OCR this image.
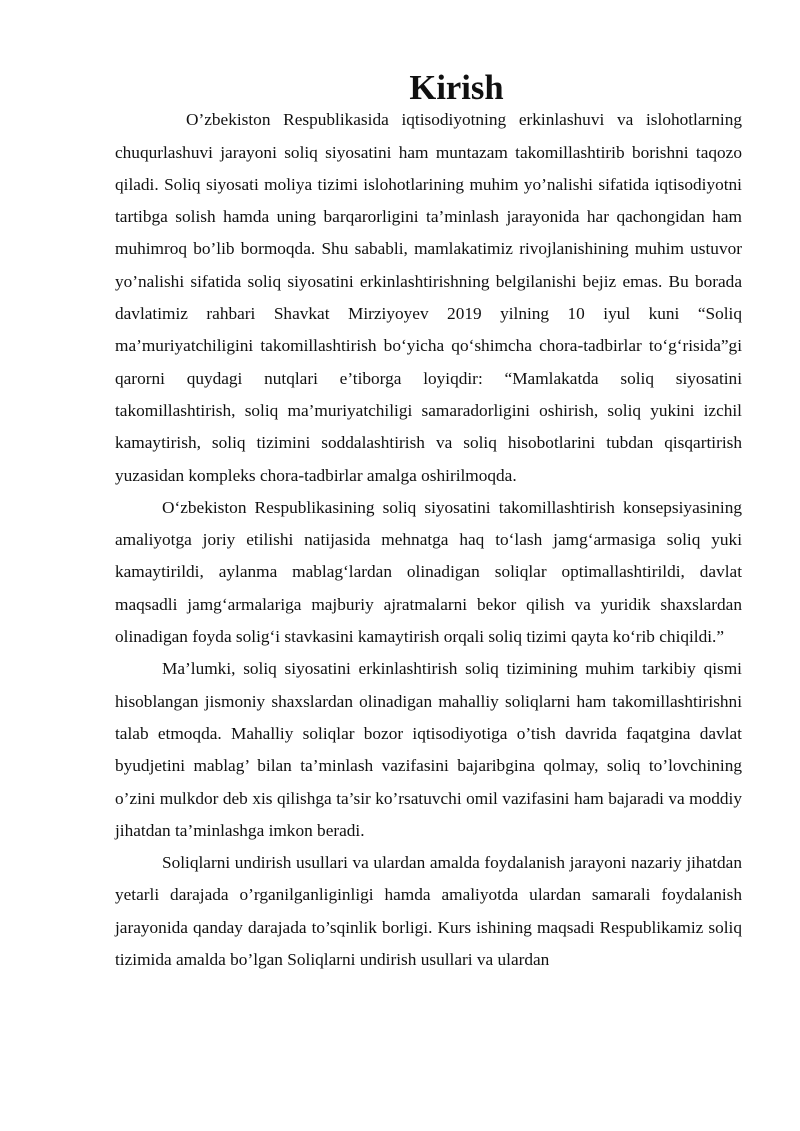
Kirish

O’zbekiston Respublikasida iqtisodiyotning erkinlashuvi va islohotlarning chuqurlashuvi jarayoni soliq siyosatini ham muntazam takomillashtirib borishni taqozo qiladi. Soliq siyosati moliya tizimi islohotlarining muhim yo’nalishi sifatida iqtisodiyotni tartibga solish hamda uning barqarorligini ta’minlash jarayonida har qachongidan ham muhimroq bo’lib bormoqda. Shu sababli, mamlakatimiz rivojlanishining muhim ustuvor yo’nalishi sifatida soliq siyosatini erkinlashtirishning belgilanishi bejiz emas. Bu borada davlatimiz rahbari Shavkat Mirziyoyev 2019 yilning 10 iyul kuni “Soliq ma’muriyatchiligini takomillashtirish bo‘yicha qo‘shimcha chora-tadbirlar to‘g‘risida”gi qarorni quydagi nutqlari e’tiborga loyiqdir: “Mamlakatda soliq siyosatini takomillashtirish, soliq ma’muriyatchiligi samaradorligini oshirish, soliq yukini izchil kamaytirish, soliq tizimini soddalashtirish va soliq hisobotlarini tubdan qisqartirish yuzasidan kompleks chora-tadbirlar amalga oshirilmoqda.

O‘zbekiston Respublikasining soliq siyosatini takomillashtirish konsepsiyasining amaliyotga joriy etilishi natijasida mehnatga haq to‘lash jamg‘armasiga soliq yuki kamaytirildi, aylanma mablag‘lardan olinadigan soliqlar optimallashtirildi, davlat maqsadli jamg‘armalariga majburiy ajratmalarni bekor qilish va yuridik shaxslardan olinadigan foyda solig‘i stavkasini kamaytirish orqali soliq tizimi qayta ko‘rib chiqildi.”

Ma’lumki, soliq siyosatini erkinlashtirish soliq tizimining muhim tarkibiy qismi hisoblangan jismoniy shaxslardan olinadigan mahalliy soliqlarni ham takomillashtirishni talab etmoqda. Mahalliy soliqlar bozor iqtisodiyotiga o’tish davrida faqatgina davlat byudjetini mablag’ bilan ta’minlash vazifasini bajaribgina qolmay, soliq to’lovchining o’zini mulkdor deb xis qilishga ta’sir ko’rsatuvchi omil vazifasini ham bajaradi va moddiy jihatdan ta’minlashga imkon beradi.

Soliqlarni undirish usullari va ulardan amalda foydalanish jarayoni nazariy jihatdan yetarli darajada o’rganilganliginligi hamda amaliyotda ulardan samarali foydalanish jarayonida qanday darajada to’sqinlik borligi. Kurs ishining maqsadi Respublikamiz soliq tizimida amalda bo’lgan Soliqlarni undirish usullari va ulardan
